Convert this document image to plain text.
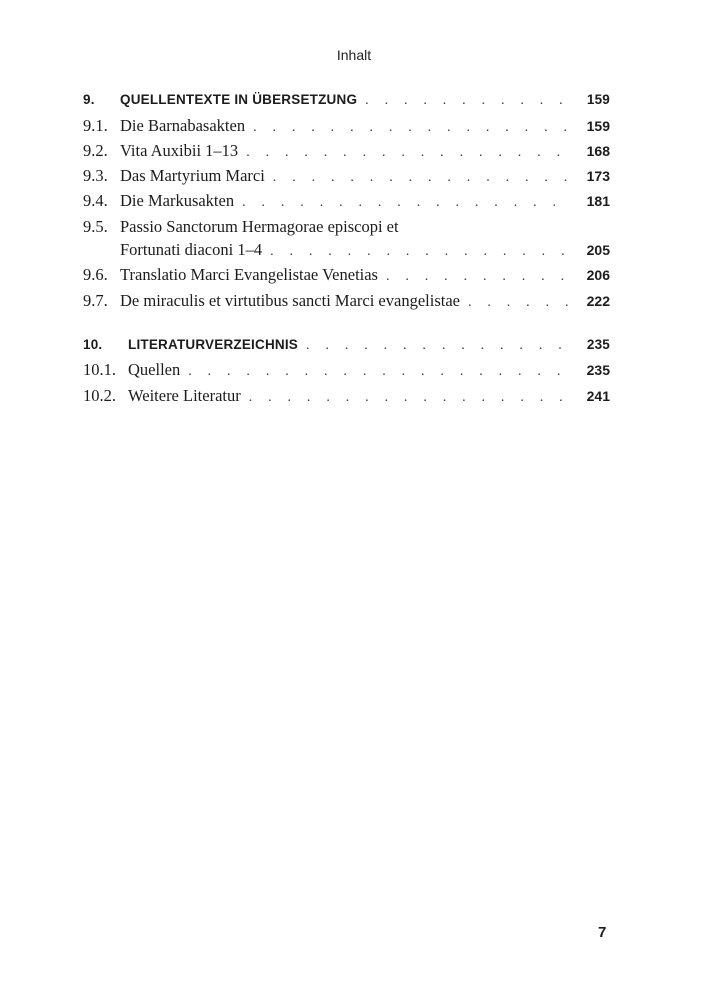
Inhalt
9.	QUELLENTEXTE IN ÜBERSETZUNG . . .	159
9.1. Die Barnabasakten . . .	159
9.2. Vita Auxibii 1–13 . . .	168
9.3. Das Martyrium Marci . . .	173
9.4. Die Markusakten . . .	181
9.5. Passio Sanctorum Hermagorae episcopi et
Fortunati diaconi 1–4 . . .	205
9.6. Translatio Marci Evangelistae Venetias . . .	206
9.7. De miraculis et virtutibus sancti Marci evangelistae . . .	222
10.	LITERATURVERZEICHNIS . . .	235
10.1. Quellen . . .	235
10.2. Weitere Literatur . . .	241
7
